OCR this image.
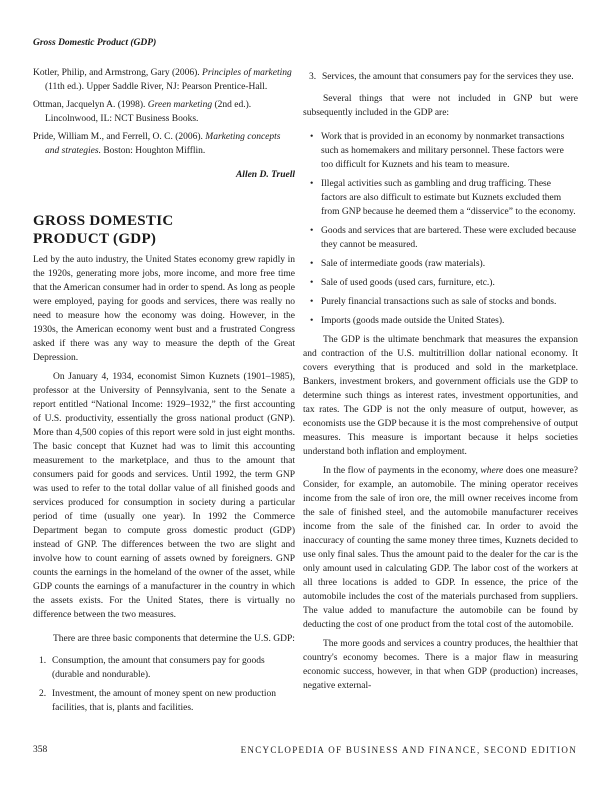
Gross Domestic Product (GDP)

Kotler, Philip, and Armstrong, Gary (2006). Principles of marketing (11th ed.). Upper Saddle River, NJ: Pearson Prentice-Hall.

Ottman, Jacquelyn A. (1998). Green marketing (2nd ed.). Lincolnwood, IL: NCT Business Books.

Pride, William M., and Ferrell, O. C. (2006). Marketing concepts and strategies. Boston: Houghton Mifflin.

Allen D. Truell

GROSS DOMESTIC
PRODUCT (GDP)

Led by the auto industry, the United States economy grew rapidly in the 1920s, generating more jobs, more income, and more free time that the American consumer had in order to spend. As long as people were employed, paying for goods and services, there was really no need to measure how the economy was doing. However, in the 1930s, the American economy went bust and a frustrated Congress asked if there was any way to measure the depth of the Great Depression.

On January 4, 1934, economist Simon Kuznets (1901–1985), professor at the University of Pennsylvania, sent to the Senate a report entitled “National Income: 1929–1932,” the first accounting of U.S. productivity, essentially the gross national product (GNP). More than 4,500 copies of this report were sold in just eight months. The basic concept that Kuznet had was to limit this accounting measurement to the marketplace, and thus to the amount that consumers paid for goods and services. Until 1992, the term GNP was used to refer to the total dollar value of all finished goods and services produced for consumption in society during a particular period of time (usually one year). In 1992 the Commerce Department began to compute gross domestic product (GDP) instead of GNP. The differences between the two are slight and involve how to count earning of assets owned by foreigners. GNP counts the earnings in the homeland of the owner of the asset, while GDP counts the earnings of a manufacturer in the country in which the assets exists. For the United States, there is virtually no difference between the two measures.

There are three basic components that determine the U.S. GDP:

1. Consumption, the amount that consumers pay for goods (durable and nondurable).
2. Investment, the amount of money spent on new production facilities, that is, plants and facilities.
3. Services, the amount that consumers pay for the services they use.

Several things that were not included in GNP but were subsequently included in the GDP are:

• Work that is provided in an economy by nonmarket transactions such as homemakers and military personnel. These factors were too difficult for Kuznets and his team to measure.
• Illegal activities such as gambling and drug trafficing. These factors are also difficult to estimate but Kuznets excluded them from GNP because he deemed them a “disservice” to the economy.
• Goods and services that are bartered. These were excluded because they cannot be measured.
• Sale of intermediate goods (raw materials).
• Sale of used goods (used cars, furniture, etc.).
• Purely financial transactions such as sale of stocks and bonds.
• Imports (goods made outside the United States).

The GDP is the ultimate benchmark that measures the expansion and contraction of the U.S. multitrillion dollar national economy. It covers everything that is produced and sold in the marketplace. Bankers, investment brokers, and government officials use the GDP to determine such things as interest rates, investment opportunities, and tax rates. The GDP is not the only measure of output, however, as economists use the GDP because it is the most comprehensive of output measures. This measure is important because it helps societies understand both inflation and employment.

In the flow of payments in the economy, where does one measure? Consider, for example, an automobile. The mining operator receives income from the sale of iron ore, the mill owner receives income from the sale of finished steel, and the automobile manufacturer receives income from the sale of the finished car. In order to avoid the inaccuracy of counting the same money three times, Kuznets decided to use only final sales. Thus the amount paid to the dealer for the car is the only amount used in calculating GDP. The labor cost of the workers at all three locations is added to GDP. In essence, the price of the automobile includes the cost of the materials purchased from suppliers. The value added to manufacture the automobile can be found by deducting the cost of one product from the total cost of the automobile.

The more goods and services a country produces, the healthier that country's economy becomes. There is a major flaw in measuring economic success, however, in that when GDP (production) increases, negative external-

358	ENCYCLOPEDIA OF BUSINESS AND FINANCE, SECOND EDITION
